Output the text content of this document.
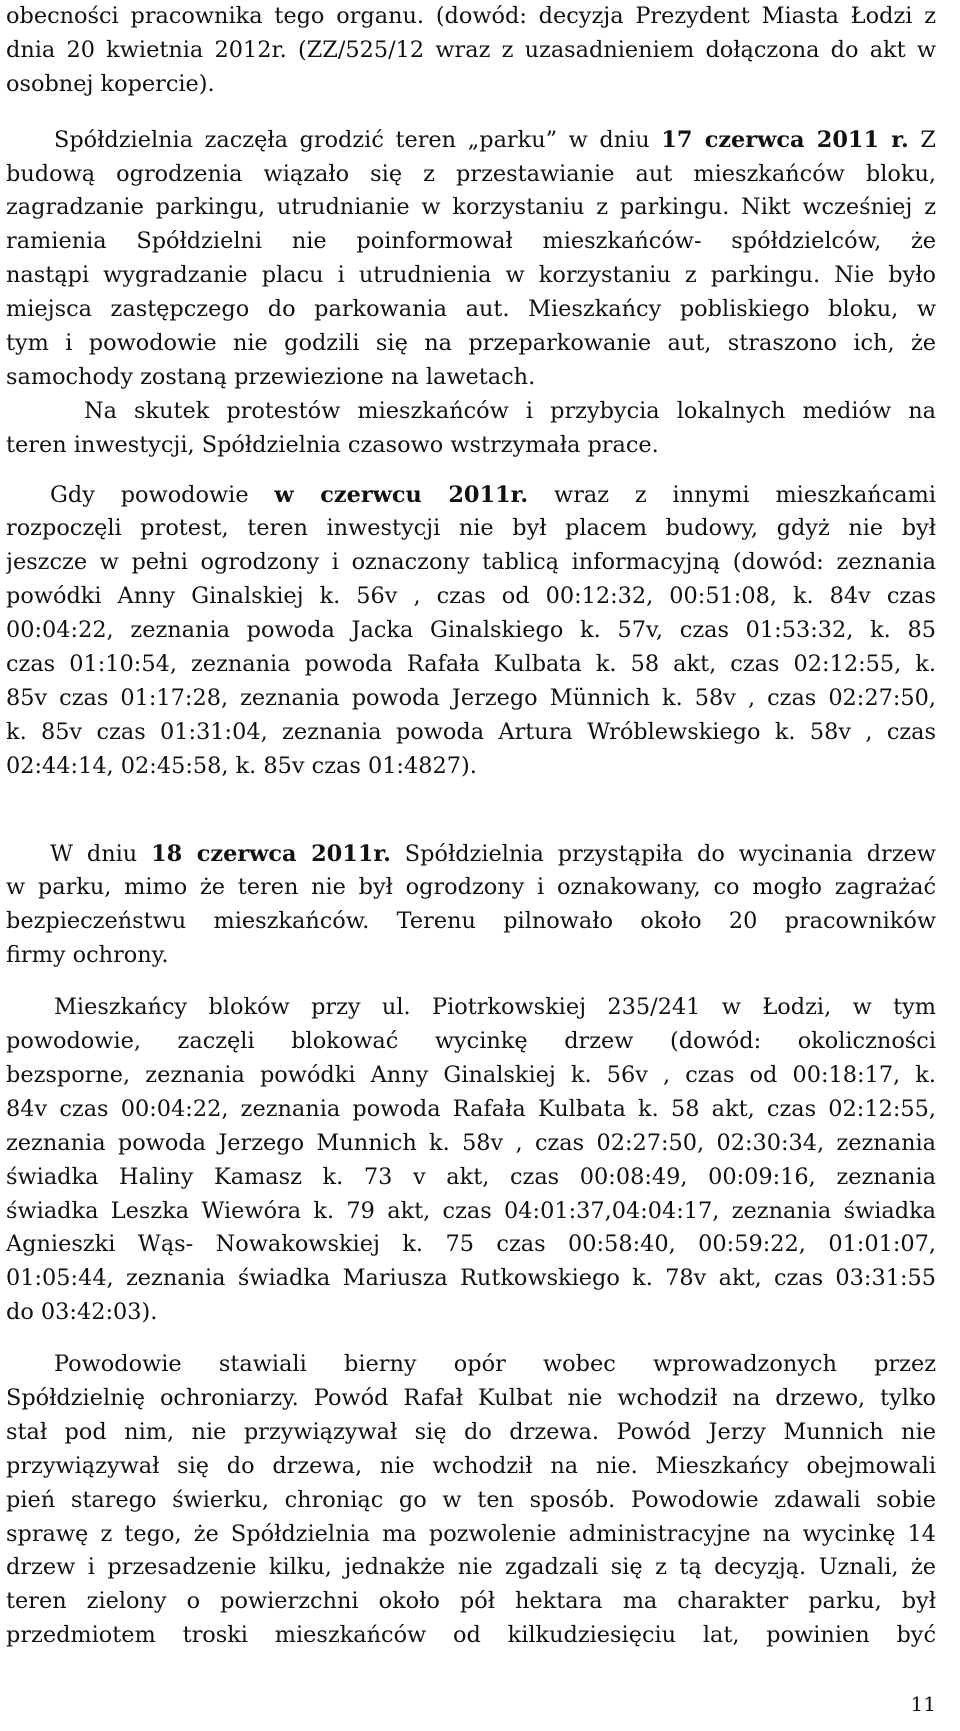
obecności pracownika tego organu. (dowód: decyzja Prezydent Miasta Łodzi z
dnia 20 kwietnia 2012r. (ZZ/525/12 wraz z uzasadnieniem dołączona do akt w
osobnej kopercie).
Spółdzielnia zaczęła grodzić teren „parku” w dniu 17 czerwca 2011 r. Z
budową ogrodzenia wiązało się z przestawianie aut mieszkańców bloku,
zagradzanie parkingu, utrudnianie w korzystaniu z parkingu. Nikt wcześniej z
ramienia Spółdzielni nie poinformował mieszkańców- spółdzielców, że
nastąpi wygradzanie placu i utrudnienia w korzystaniu z parkingu. Nie było
miejsca zastępczego do parkowania aut. Mieszkańcy pobliskiego bloku, w
tym i powodowie nie godzili się na przeparkowanie aut, straszono ich, że
samochody zostaną przewiezione na lawetach.
Na skutek protestów mieszkańców i przybycia lokalnych mediów na
teren inwestycji, Spółdzielnia czasowo wstrzymała prace.
Gdy powodowie w czerwcu 2011r. wraz z innymi mieszkańcami
rozpoczęli protest, teren inwestycji nie był placem budowy, gdyż nie był
jeszcze w pełni ogrodzony i oznaczony tablicą informacyjną (dowód: zeznania
powódki Anny Ginalskiej k. 56v , czas od 00:12:32, 00:51:08, k. 84v czas
00:04:22, zeznania powoda Jacka Ginalskiego k. 57v, czas 01:53:32, k. 85
czas 01:10:54, zeznania powoda Rafała Kulbata k. 58 akt, czas 02:12:55, k.
85v czas 01:17:28, zeznania powoda Jerzego Münnich k. 58v , czas 02:27:50,
k. 85v czas 01:31:04, zeznania powoda Artura Wróblewskiego k. 58v , czas
02:44:14, 02:45:58, k. 85v czas 01:4827).
W dniu 18 czerwca 2011r. Spółdzielnia przystąpiła do wycinania drzew
w parku, mimo że teren nie był ogrodzony i oznakowany, co mogło zagrażać
bezpieczeństwu mieszkańców. Terenu pilnowało około 20 pracowników
firmy ochrony.
Mieszkańcy bloków przy ul. Piotrkowskiej 235/241 w Łodzi, w tym
powodowie, zaczęli blokować wycinkę drzew (dowód: okoliczności
bezsporne, zeznania powódki Anny Ginalskiej k. 56v , czas od 00:18:17, k.
84v czas 00:04:22, zeznania powoda Rafała Kulbata k. 58 akt, czas 02:12:55,
zeznania powoda Jerzego Munnich k. 58v , czas 02:27:50, 02:30:34, zeznania
świadka Haliny Kamasz k. 73 v akt, czas 00:08:49, 00:09:16, zeznania
świadka Leszka Wiewóra k. 79 akt, czas 04:01:37,04:04:17, zeznania świadka
Agnieszki Wąs- Nowakowskiej k. 75 czas 00:58:40, 00:59:22, 01:01:07,
01:05:44, zeznania świadka Mariusza Rutkowskiego k. 78v akt, czas 03:31:55
do 03:42:03).
Powodowie stawiali bierny opór wobec wprowadzonych przez
Spółdzielnię ochroniarzy. Powód Rafał Kulbat nie wchodził na drzewo, tylko
stał pod nim, nie przywiązywał się do drzewa. Powód Jerzy Munnich nie
przywiązywał się do drzewa, nie wchodził na nie. Mieszkańcy obejmowali
pień starego świerku, chroniąc go w ten sposób. Powodowie zdawali sobie
sprawę z tego, że Spółdzielnia ma pozwolenie administracyjne na wycinkę 14
drzew i przesadzenie kilku, jednakże nie zgadzali się z tą decyzją. Uznali, że
teren zielony o powierzchni około pół hektara ma charakter parku, był
przedmiotem troski mieszkańców od kilkudziesięciu lat, powinien być
11
